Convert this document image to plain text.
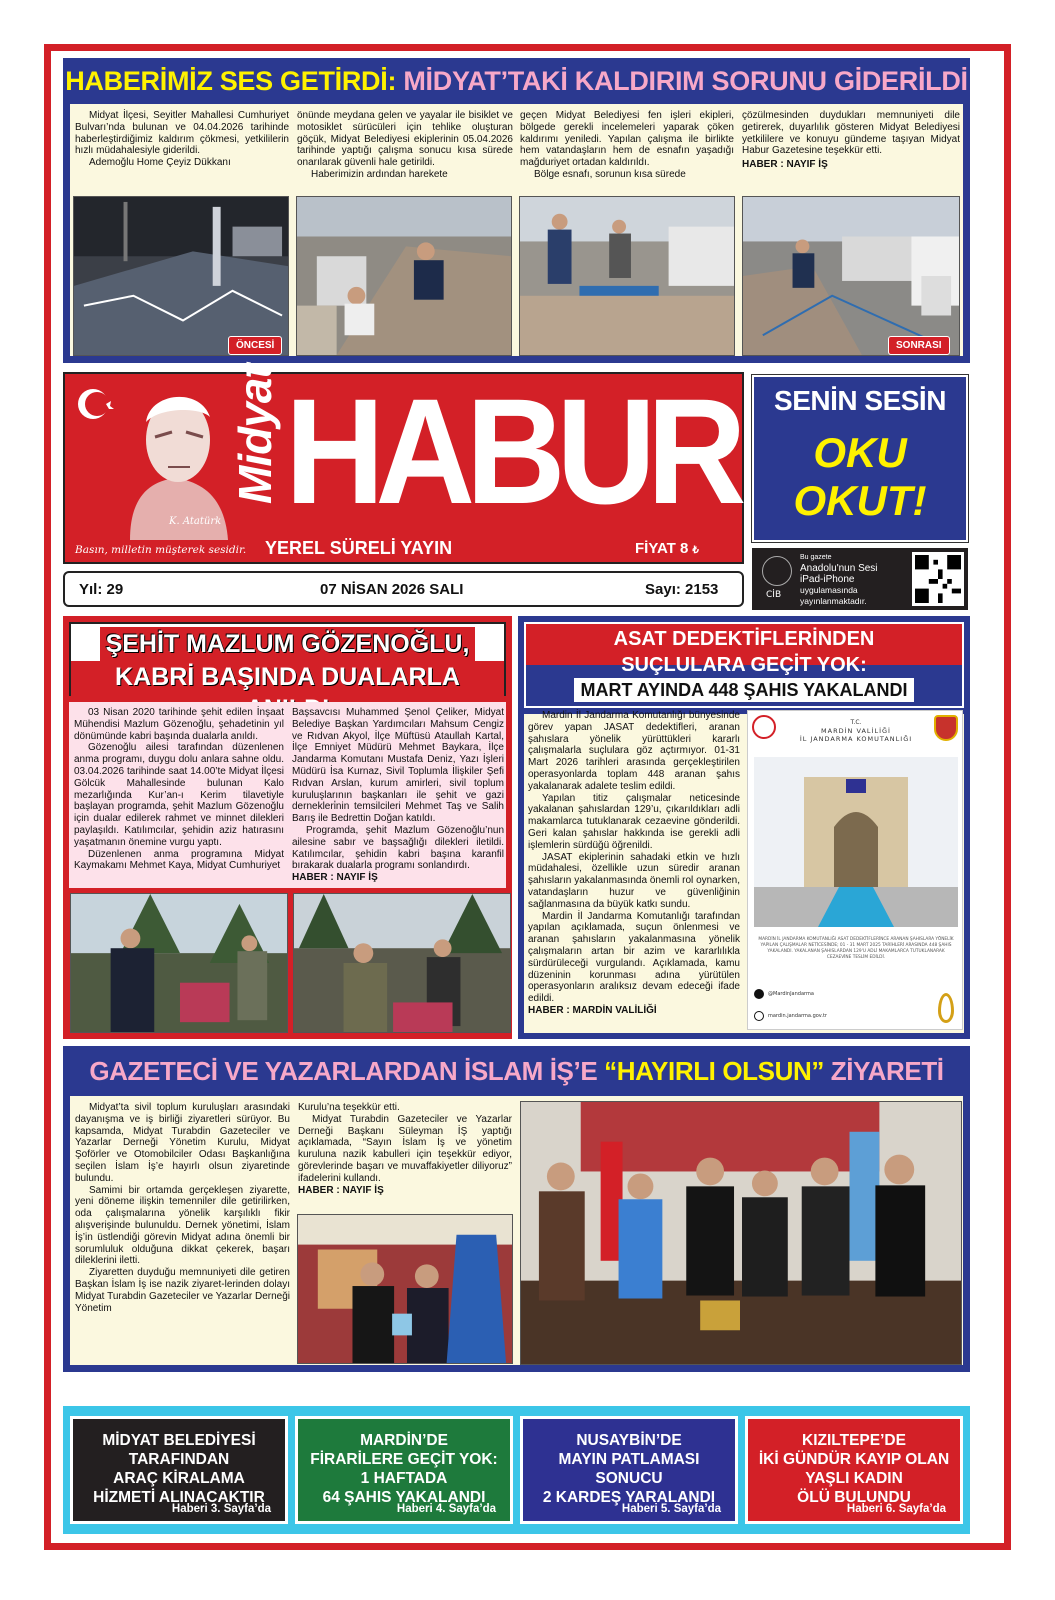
HABERİMİZ SES GETİRDİ: MİDYAT’TAKİ KALDIRIM SORUNU GİDERİLDİ

Midyat İlçesi, Seyitler Mahallesi Cumhuriyet Bulvarı’nda bulunan ve 04.04.2026 tarihinde haberleştirdiğimiz kaldırım çökmesi, yetkililerin hızlı müdahalesiyle giderildi.

Ademoğlu Home Çeyiz Dükkanı

önünde meydana gelen ve yayalar ile bisiklet ve motosiklet sürücüleri için tehlike oluşturan göçük, Midyat Belediyesi ekiplerinin 05.04.2026 tarihinde yaptığı çalışma sonucu kısa sürede onarılarak güvenli hale getirildi.

Haberimizin ardından harekete

geçen Midyat Belediyesi fen işleri ekipleri, bölgede gerekli incelemeleri yaparak çöken kaldırımı yeniledi. Yapılan çalışma ile birlikte hem vatandaşların hem de esnafın yaşadığı mağduriyet ortadan kaldırıldı.

Bölge esnafı, sorunun kısa sürede

çözülmesinden duydukları memnuniyeti dile getirerek, duyarlılık gösteren Midyat Belediyesi yetkililere ve konuyu gündeme taşıyan Midyat Habur Gazetesine teşekkür etti.

HABER : NAYIF İŞ

ÖNCESİ	SONRASI
K. Atatürk
Basın, milletin müşterek sesidir.
Midyat HABUR
YEREL SÜRELİ YAYIN	FİYAT 8 ₺
SENİN SESİN
OKU
OKUT!
CİB
Bu gazete
Anadolu'nun Sesi
iPad-iPhone
uygulamasında
yayınlanmaktadır.
Yıl: 29	07 NİSAN 2026 SALI	Sayı: 2153
ŞEHİT MAZLUM GÖZENOĞLU, KABRİ BAŞINDA DUALARLA

03 Nisan 2020 tarihinde şehit edilen İnşaat Mühendisi Mazlum Gözenoğlu, şehadetinin yıl dönümünde kabri başında dualarla anıldı.

Gözenoğlu ailesi tarafından düzenlenen anma programı, duygu dolu anlara sahne oldu. 03.04.2026 tarihinde saat 14.00’te Midyat İlçesi Gölcük Mahallesinde bulunan Kalo mezarlığında Kur’an-ı Kerim tilavetiyle başlayan programda, şehit Mazlum Gözenoğlu için dualar edilerek rahmet ve minnet dilekleri paylaşıldı. Katılımcılar, şehidin aziz hatırasını yaşatmanın önemine vurgu yaptı.

Düzenlenen anma programına Midyat Kaymakamı Mehmet Kaya, Midyat Cumhuriyet

Başsavcısı Muhammed Şenol Çeliker, Midyat Belediye Başkan Yardımcıları Mahsum Cengiz ve Rıdvan Akyol, İlçe Müftüsü Ataullah Kartal, İlçe Emniyet Müdürü Mehmet Baykara, İlçe Jandarma Komutanı Mustafa Deniz, Yazı İşleri Müdürü İsa Kurnaz, Sivil Toplumla İlişkiler Şefi Rıdvan Arslan, kurum amirleri, sivil toplum kuruluşlarının başkanları ile şehit ve gazi dernekleri̇nin temsilcileri Mehmet Taş ve Salih Barış ile Bedrettin Doğan katıldı.

Programda, şehit Mazlum Gözenoğlu’nun ailesine sabır ve başsağlığı dilekleri iletildi. Katılımcılar, şehidin kabri başına karanfil bırakarak dualarla programı sonlandırdı.

HABER : NAYIF İŞ

ASAT DEDEKTİFLERİNDEN
SUÇLULARA GEÇİT YOK:
MART AYINDA 448 ŞAHIS YAKALANDI

Mardin İl Jandarma Komutanlığı bünyesinde görev yapan JASAT dedektifleri, aranan şahıslara yönelik yürüttükleri kararlı çalışmalarla suçlulara göz açtırmıyor. 01-31 Mart 2026 tarihleri arasında gerçekleştirilen operasyonlarda toplam 448 aranan şahıs yakalanarak adalete teslim edildi.

Yapılan titiz çalışmalar neticesinde yakalanan şahıslardan 129’u, çıkarıldıkları adli makamlarca tutuklanarak cezaevine gönderildi. Geri kalan şahıslar hakkında ise gerekli adli işlemlerin sürdüğü öğrenildi.

JASAT ekiplerinin sahadaki etkin ve hızlı müdahalesi, özellikle uzun süredir aranan şahısların yakalanmasında önemli rol oynarken, vatandaşların huzur ve güvenliğinin sağlanmasına da büyük katkı sundu.

Mardin İl Jandarma Komutanlığı tarafından yapılan açıklamada, suçun önlenmesi ve aranan şahısların yakalanmasına yönelik çalışmaların artan bir azim ve kararlılıkla sürdürüleceği vurgulandı. Açıklamada, kamu düzeninin korunması adına yürütülen operasyonların aralıksız devam edeceği ifade edildi.

HABER : MARDİN VALİLİĞİ

T.C.
MARDİN VALİLİĞİ
İL JANDARMA KOMUTANLIĞI
MARDİN İL JANDARMA KOMUTANLIĞI ASAT DEDEKTİFLERİNCE ARANAN ŞAHISLARA YÖNELİK YAPILAN ÇALIŞMALAR NETİCESİNDE; 01 - 31 MART 2025 TARİHLERİ ARASINDA 448 ŞAHIS YAKALANDI. YAKALANAN ŞAHISLARDAN 129'U ADLİ MAKAMLARCA TUTUKLANARAK CEZAEVİNE TESLİM EDİLDİ.
@MardinJandarma
mardin.jandarma.gov.tr
GAZETECİ VE YAZARLARDAN İSLAM İŞ’E “HAYIRLI OLSUN” ZİYARETİ

Midyat’ta sivil toplum kuruluşları arasındaki dayanışma ve iş birliği ziyaretleri sürüyor. Bu kapsamda, Midyat Turabdin Gazeteciler ve Yazarlar Derneği Yönetim Kurulu, Midyat Şoförler ve Otomobilciler Odası Başkanlığına seçilen İslam İş’e hayırlı olsun ziyaretinde bulundu.

Samimi bir ortamda gerçekleşen ziyarette, yeni döneme ilişkin temenniler dile getirilirken, oda çalışmalarına yönelik karşılıklı fikir alışverişinde bulunuldu. Dernek yönetimi, İslam İş’in üstlendiği görevin Midyat adına önemli bir sorumluluk olduğuna dikkat çekerek, başarı dileklerini iletti.

Ziyaretten duyduğu memnuniyeti dile getiren Başkan İslam İş ise nazik ziyaret-lerinden dolayı Midyat Turabdin Gazeteciler ve Yazarlar Derneği Yönetim

Kurulu’na teşekkür etti.

Midyat Turabdin Gazeteciler ve Yazarlar Derneği Başkanı Süleyman İŞ yaptığı açıklamada, “Sayın İslam İş ve yönetim kuruluna nazik kabulleri için teşekkür ediyor, görevlerinde başarı ve muvaffakiyetler diliyoruz” ifadelerini kullandı.

HABER : NAYIF İŞ

MİDYAT BELEDİYESİ
TARAFINDAN
ARAÇ KİRALAMA
HİZMETİ ALINACAKTIR
Haberi 3. Sayfa’da
MARDİN’DE
FİRARİLERE GEÇİT YOK:
1 HAFTADA
64 ŞAHIS YAKALANDI
Haberi 4. Sayfa’da
NUSAYBİN’DE
MAYIN PATLAMASI
SONUCU
2 KARDEŞ YARALANDI
Haberi 5. Sayfa’da
KIZILTEPE’DE
İKİ GÜNDÜR KAYIP OLAN
YAŞLI KADIN
ÖLÜ BULUNDU
Haberi 6. Sayfa’da
